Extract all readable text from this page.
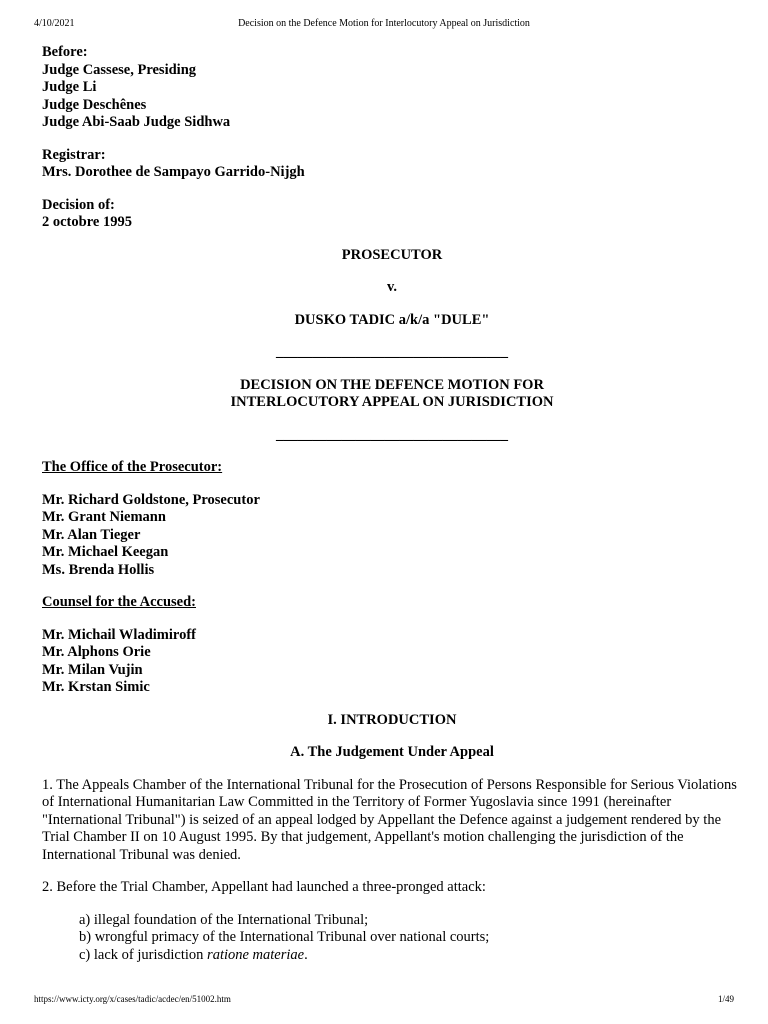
4/10/2021	Decision on the Defence Motion for Interlocutory Appeal on Jurisdiction
Before:
Judge Cassese, Presiding
Judge Li
Judge Deschênes
Judge Abi-Saab Judge Sidhwa
Registrar:
Mrs. Dorothee de Sampayo Garrido-Nijgh
Decision of:
2 octobre 1995
PROSECUTOR
v.
DUSKO TADIC a/k/a "DULE"
________________________________
DECISION ON THE DEFENCE MOTION FOR
INTERLOCUTORY APPEAL ON JURISDICTION
________________________________
The Office of the Prosecutor:
Mr. Richard Goldstone, Prosecutor
Mr. Grant Niemann
Mr. Alan Tieger
Mr. Michael Keegan
Ms. Brenda Hollis
Counsel for the Accused:
Mr. Michail Wladimiroff
Mr. Alphons Orie
Mr. Milan Vujin
Mr. Krstan Simic
I. INTRODUCTION
A. The Judgement Under Appeal

1. The Appeals Chamber of the International Tribunal for the Prosecution of Persons Responsible for Serious Violations of International Humanitarian Law Committed in the Territory of Former Yugoslavia since 1991 (hereinafter "International Tribunal") is seized of an appeal lodged by Appellant the Defence against a judgement rendered by the Trial Chamber II on 10 August 1995. By that judgement, Appellant's motion challenging the jurisdiction of the International Tribunal was denied.

2. Before the Trial Chamber, Appellant had launched a three-pronged attack:

a) illegal foundation of the International Tribunal;
b) wrongful primacy of the International Tribunal over national courts;
c) lack of jurisdiction ratione materiae.
https://www.icty.org/x/cases/tadic/acdec/en/51002.htm	1/49
